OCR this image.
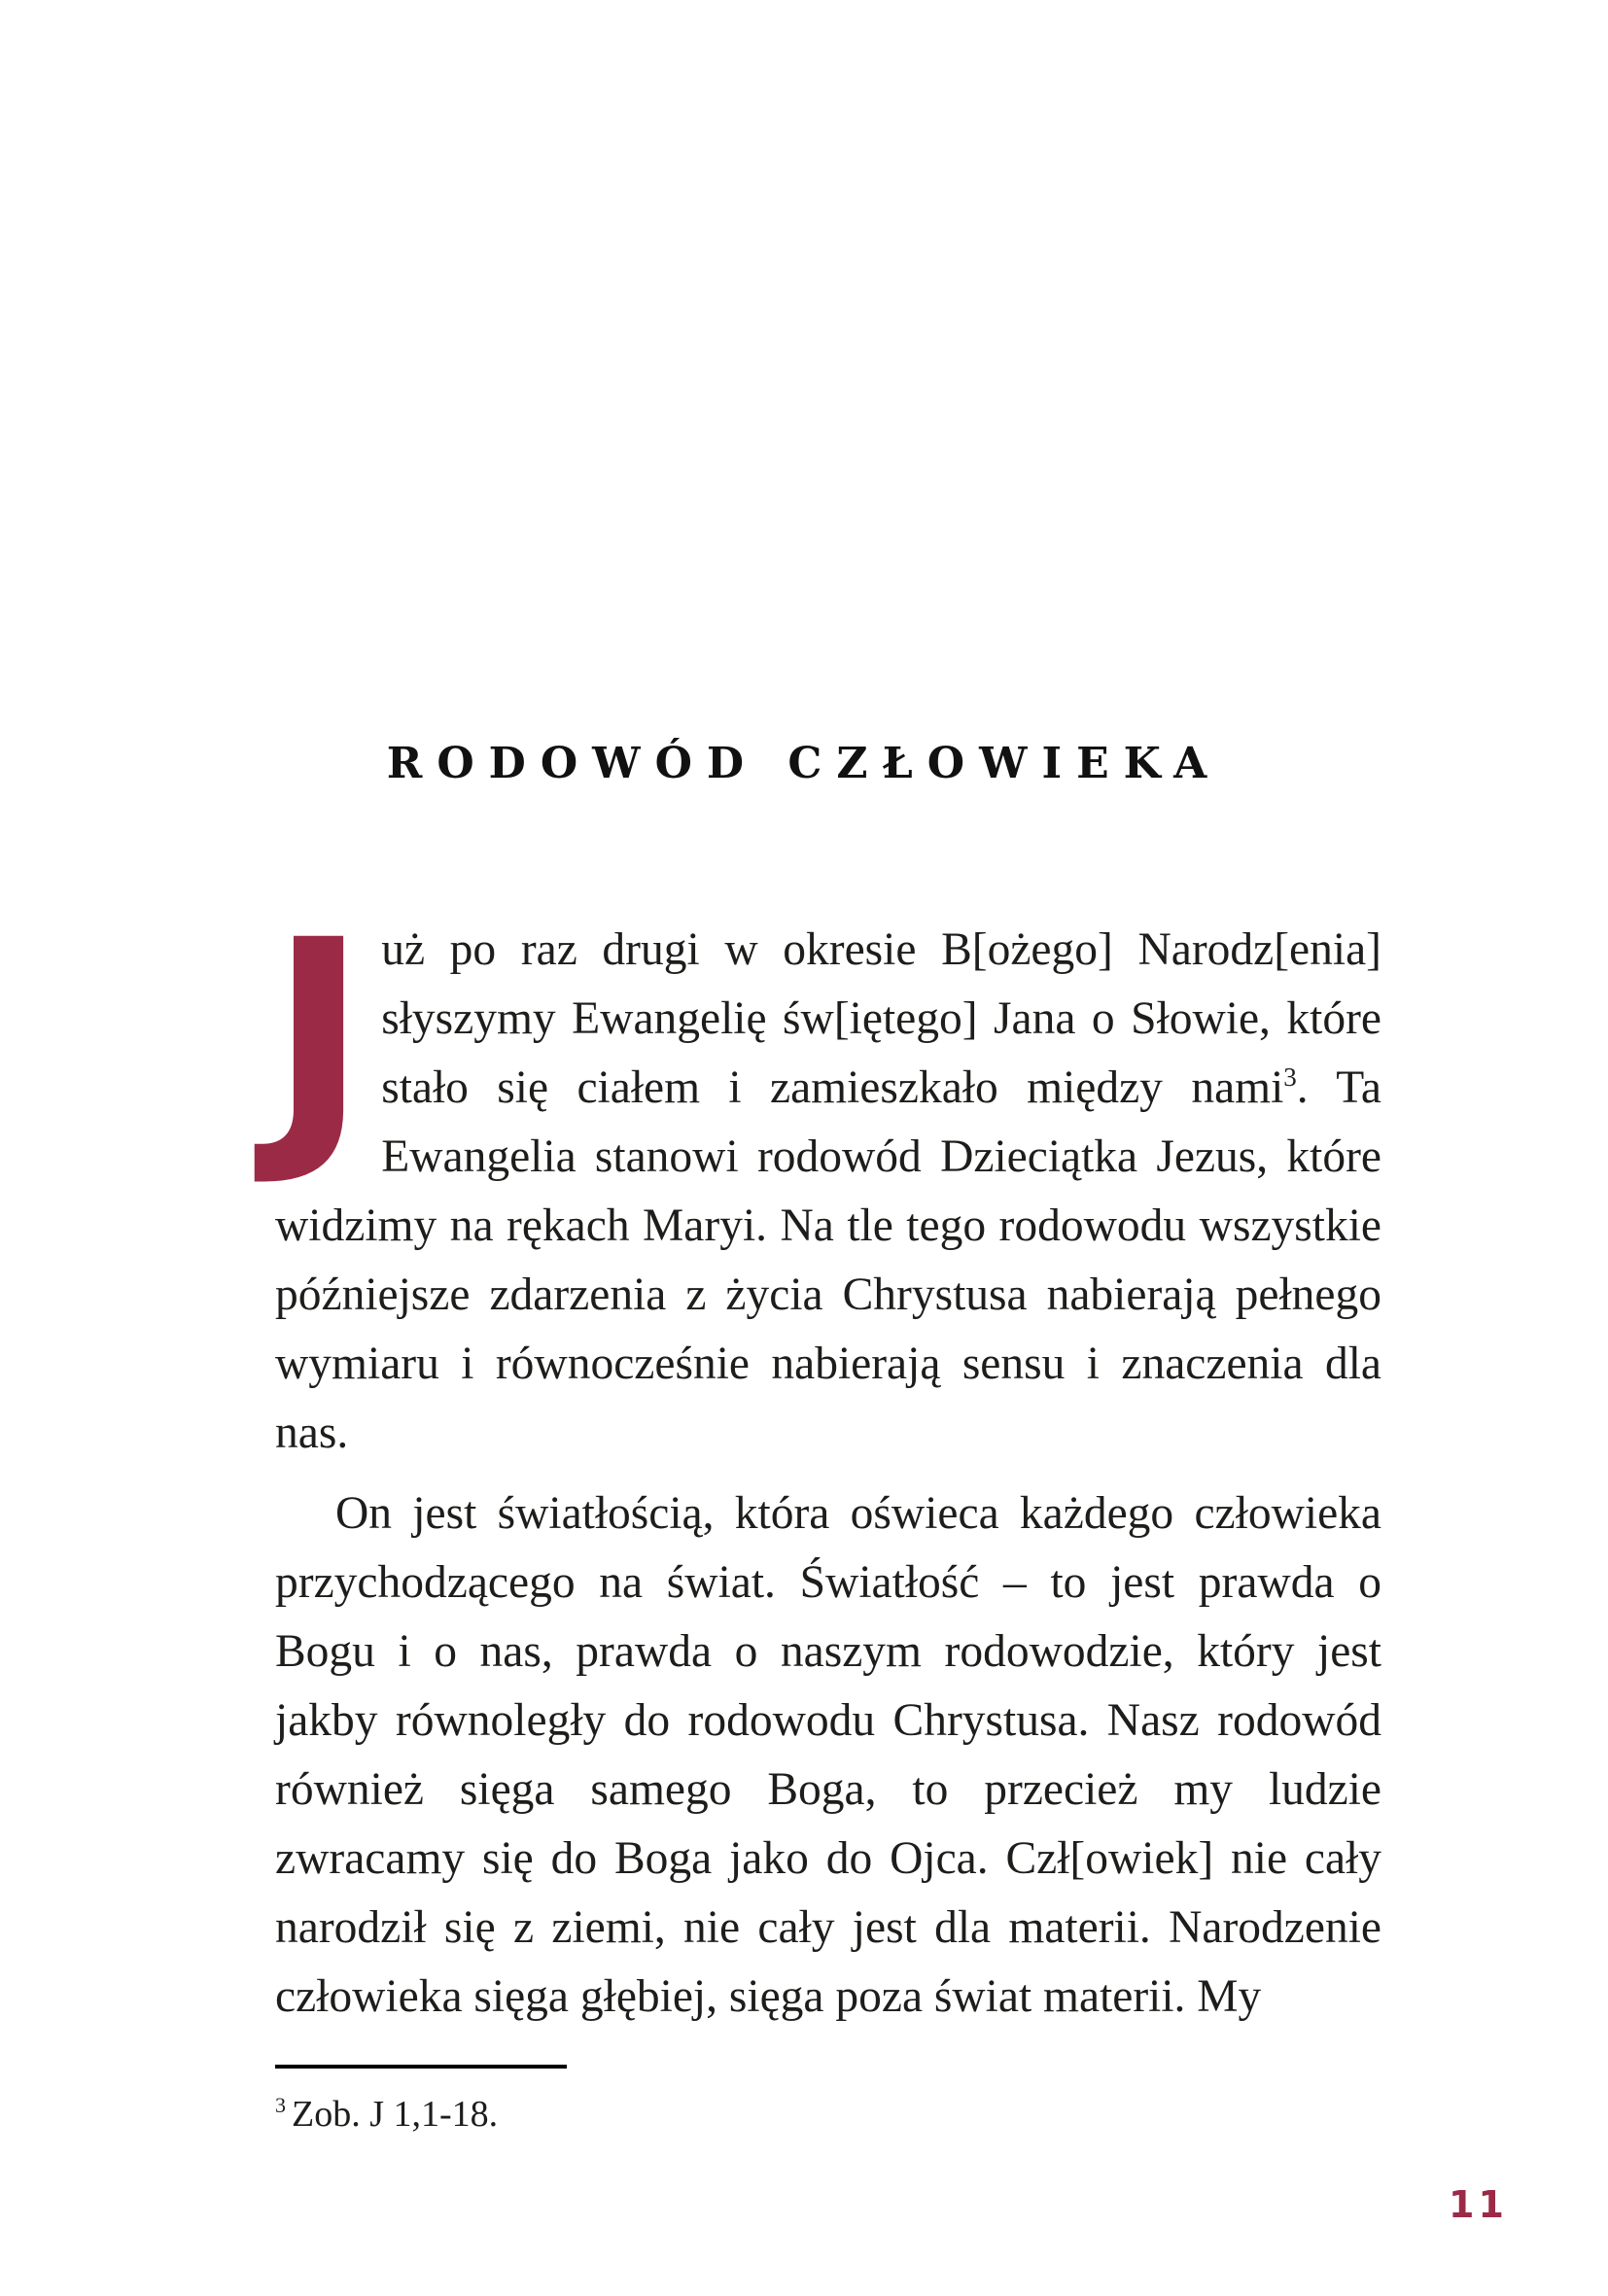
RODOWÓD CZŁOWIEKA

Już po raz drugi w okresie B[ożego] Narodz[enia] słyszymy Ewangelię św[iętego] Jana o Słowie, które stało się ciałem i zamieszkało między nami$^3$. Ta Ewangelia stanowi rodowód Dzieciątka Jezus, które widzimy na rękach Maryi. Na tle tego rodowodu wszystkie późniejsze zdarzenia z życia Chrystusa nabierają pełnego wymiaru i równocześnie nabierają sensu i znaczenia dla nas.

On jest światłością, która oświeca każdego człowieka przychodzącego na świat. Światłość – to jest prawda o Bogu i o nas, prawda o naszym rodowodzie, który jest jakby równoległy do rodowodu Chrystusa. Nasz rodowód również sięga samego Boga, to przecież my ludzie zwracamy się do Boga jako do Ojca. Czł[owiek] nie cały narodził się z ziemi, nie cały jest dla materii. Narodzenie człowieka sięga głębiej, sięga poza świat materii. My

$^3$ Zob. J 1,1-18.
11
